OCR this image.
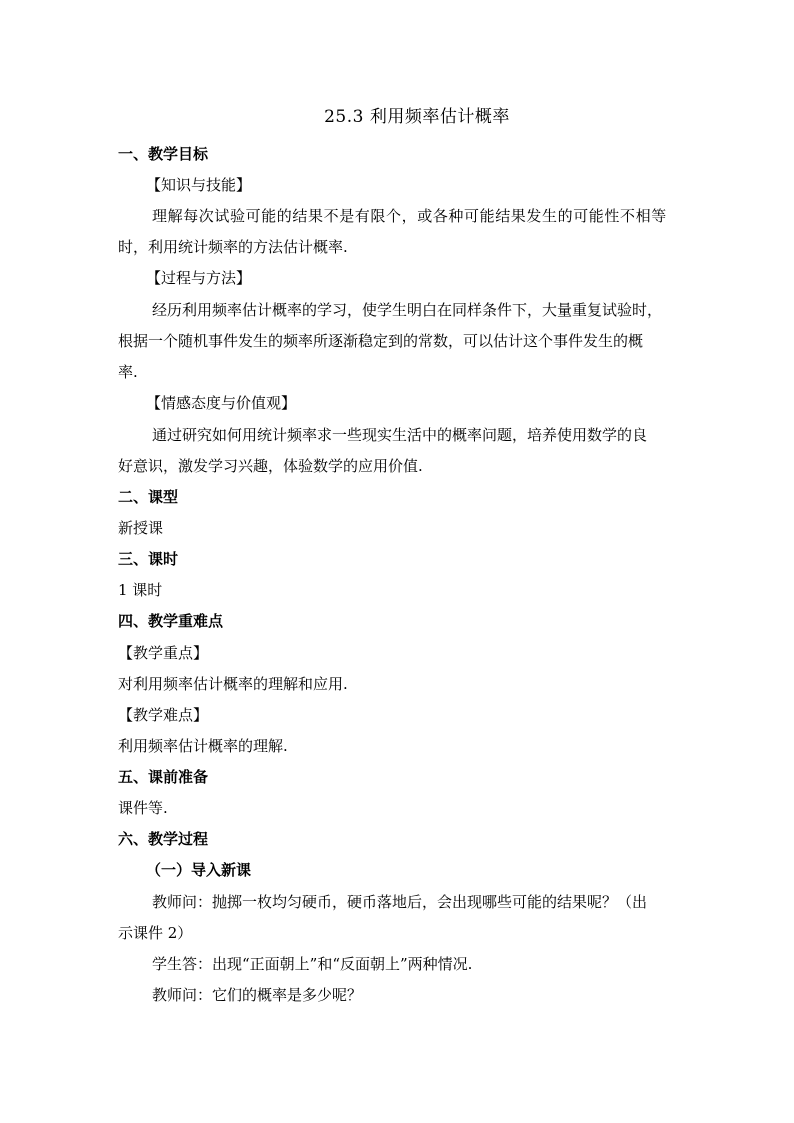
25.3 利用频率估计概率
一、教学目标
【知识与技能】
理解每次试验可能的结果不是有限个，或各种可能结果发生的可能性不相等
时，利用统计频率的方法估计概率.
【过程与方法】
经历利用频率估计概率的学习，使学生明白在同样条件下，大量重复试验时，
根据一个随机事件发生的频率所逐渐稳定到的常数，可以估计这个事件发生的概
率.
【情感态度与价值观】
通过研究如何用统计频率求一些现实生活中的概率问题，培养使用数学的良
好意识，激发学习兴趣，体验数学的应用价值.
二、课型
新授课
三、课时
1 课时
四、教学重难点
【教学重点】
对利用频率估计概率的理解和应用.
【教学难点】
利用频率估计概率的理解.
五、课前准备
课件等.
六、教学过程
（一）导入新课
教师问：抛掷一枚均匀硬币，硬币落地后，会出现哪些可能的结果呢？（出
示课件 2）
学生答：出现“正面朝上”和“反面朝上”两种情况.
教师问：它们的概率是多少呢？
